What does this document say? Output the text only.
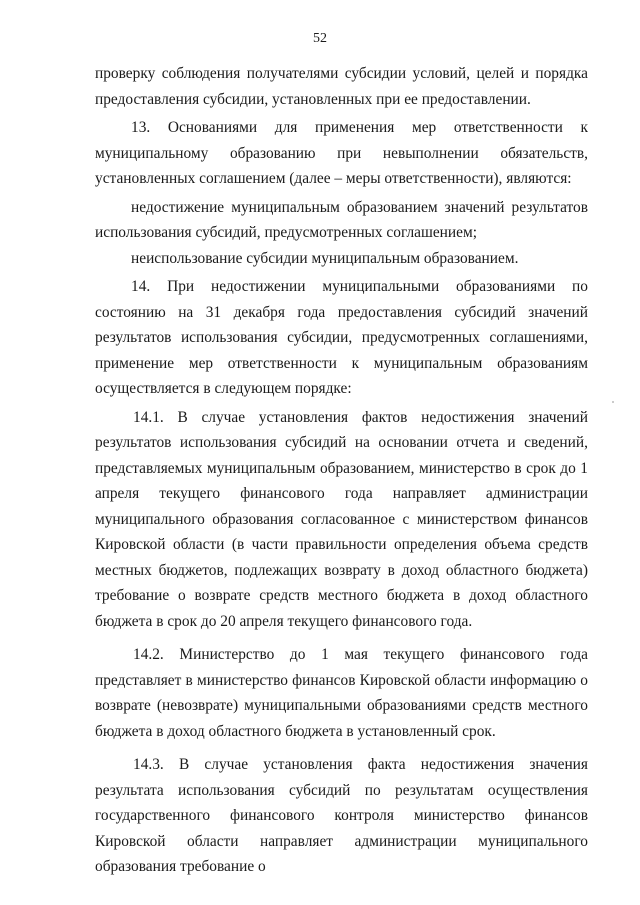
52

проверку соблюдения получателями субсидии условий, целей и порядка предоставления субсидии, установленных при ее предоставлении.

13. Основаниями для применения мер ответственности к муниципальному образованию при невыполнении обязательств, установленных соглашением (далее – меры ответственности), являются:

недостижение муниципальным образованием значений результатов использования субсидий, предусмотренных соглашением;

неиспользование субсидии муниципальным образованием.

14. При недостижении муниципальными образованиями по состоянию на 31 декабря года предоставления субсидий значений результатов использования субсидии, предусмотренных соглашениями, применение мер ответственности к муниципальным образованиям осуществляется в следующем порядке:

14.1. В случае установления фактов недостижения значений результатов использования субсидий на основании отчета и сведений, представляемых муниципальным образованием, министерство в срок до 1 апреля текущего финансового года направляет администрации муниципального образования согласованное с министерством финансов Кировской области (в части правильности определения объема средств местных бюджетов, подлежащих возврату в доход областного бюджета) требование о возврате средств местного бюджета в доход областного бюджета в срок до 20 апреля текущего финансового года.

14.2. Министерство до 1 мая текущего финансового года представляет в министерство финансов Кировской области информацию о возврате (невозврате) муниципальными образованиями средств местного бюджета в доход областного бюджета в установленный срок.

14.3. В случае установления факта недостижения значения результата использования субсидий по результатам осуществления государственного финансового контроля министерство финансов Кировской области направляет администрации муниципального образования требование о
